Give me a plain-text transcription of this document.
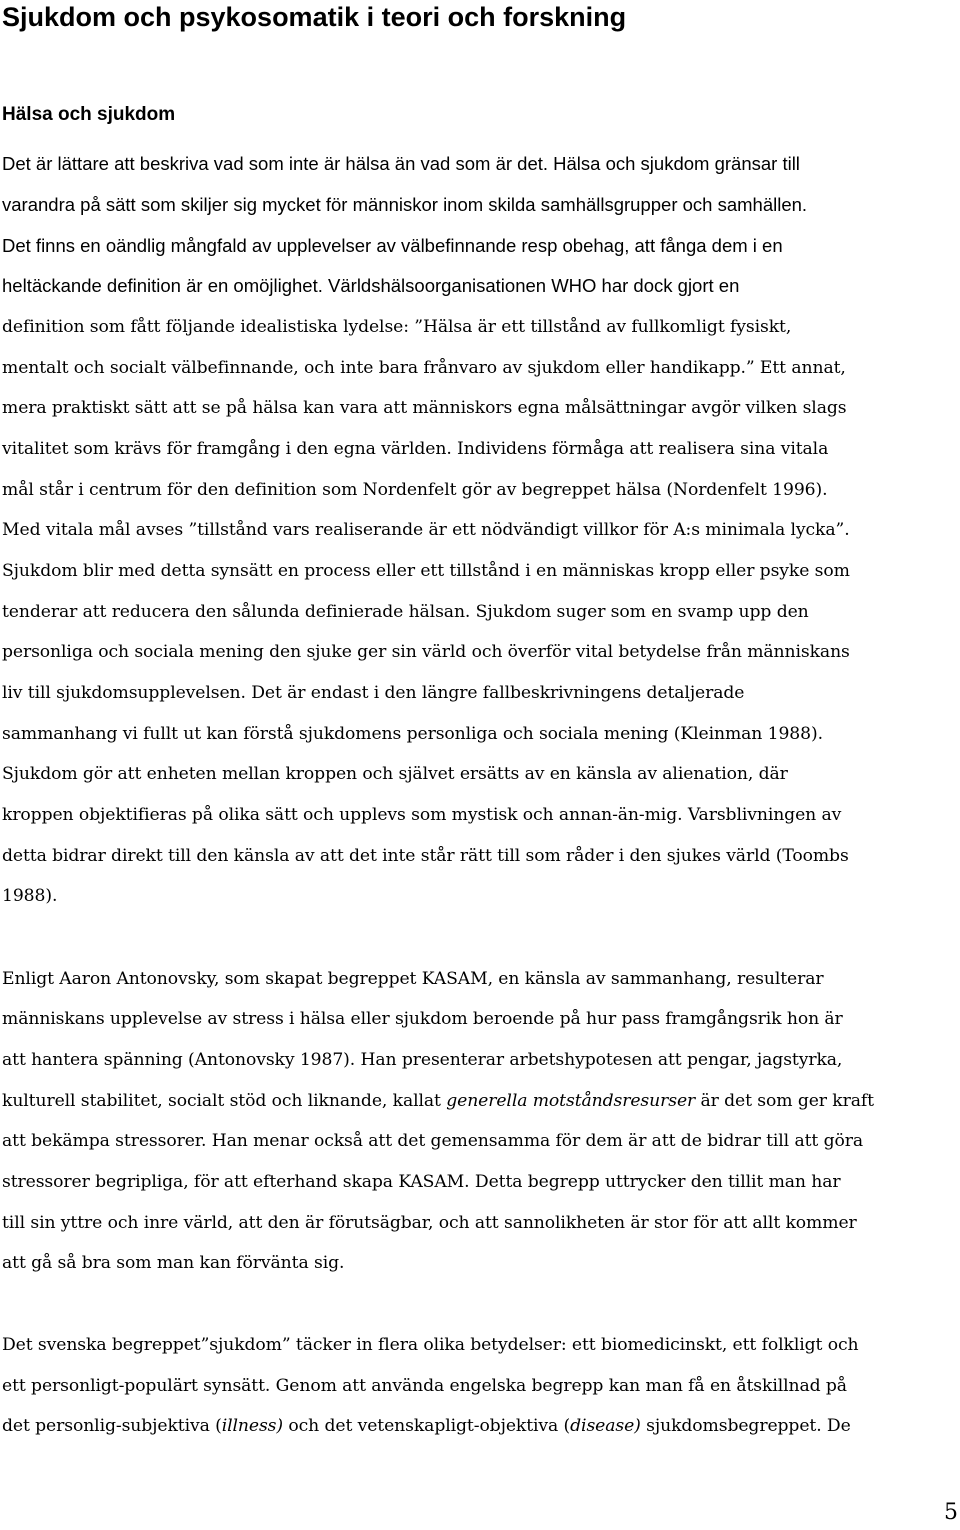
Sjukdom och psykosomatik i teori och forskning
Hälsa och sjukdom
Det är lättare att beskriva vad som inte är hälsa än vad som är det. Hälsa och sjukdom gränsar till
varandra på sätt som skiljer sig mycket för människor inom skilda samhällsgrupper och samhällen.
Det finns en oändlig mångfald av upplevelser av välbefinnande resp obehag, att fånga dem i en
heltäckande definition är en omöjlighet. Världshälsoorganisationen WHO har dock gjort en
definition som fått följande idealistiska lydelse: ”Hälsa är ett tillstånd av fullkomligt fysiskt,
mentalt och socialt välbefinnande, och inte bara frånvaro av sjukdom eller handikapp.” Ett annat,
mera praktiskt sätt att se på hälsa kan vara att människors egna målsättningar avgör vilken slags
vitalitet som krävs för framgång i den egna världen. Individens förmåga att realisera sina vitala
mål står i centrum för den definition som Nordenfelt gör av begreppet hälsa (Nordenfelt 1996).
Med vitala mål avses ”tillstånd vars realiserande är ett nödvändigt villkor för A:s minimala lycka”.
Sjukdom blir med detta synsätt en process eller ett tillstånd i en människas kropp eller psyke som
tenderar att reducera den sålunda definierade hälsan. Sjukdom suger som en svamp upp den
personliga och sociala mening den sjuke ger sin värld och överför vital betydelse från människans
liv till sjukdomsupplevelsen. Det är endast i den längre fallbeskrivningens detaljerade
sammanhang vi fullt ut kan förstå sjukdomens personliga och sociala mening (Kleinman 1988).
Sjukdom gör att enheten mellan kroppen och självet ersätts av en känsla av alienation, där
kroppen objektifieras på olika sätt och upplevs som mystisk och annan-än-mig. Varsblivningen av
detta bidrar direkt till den känsla av att det inte står rätt till som råder i den sjukes värld (Toombs
1988).
Enligt Aaron Antonovsky, som skapat begreppet KASAM, en känsla av sammanhang, resulterar
människans upplevelse av stress i hälsa eller sjukdom beroende på hur pass framgångsrik hon är
att hantera spänning (Antonovsky 1987). Han presenterar arbetshypotesen att pengar, jagstyrka,
kulturell stabilitet, socialt stöd och liknande, kallat generella motståndsresurser är det som ger kraft
att bekämpa stressorer. Han menar också att det gemensamma för dem är att de bidrar till att göra
stressorer begripliga, för att efterhand skapa KASAM. Detta begrepp uttrycker den tillit man har
till sin yttre och inre värld, att den är förutsägbar, och att sannolikheten är stor för att allt kommer
att gå så bra som man kan förvänta sig.
Det svenska begreppet”sjukdom” täcker in flera olika betydelser: ett biomedicinskt, ett folkligt och
ett personligt-populärt synsätt. Genom att använda engelska begrepp kan man få en åtskillnad på
det personlig-subjektiva (illness) och det vetenskapligt-objektiva (disease) sjukdomsbegreppet. De
5
